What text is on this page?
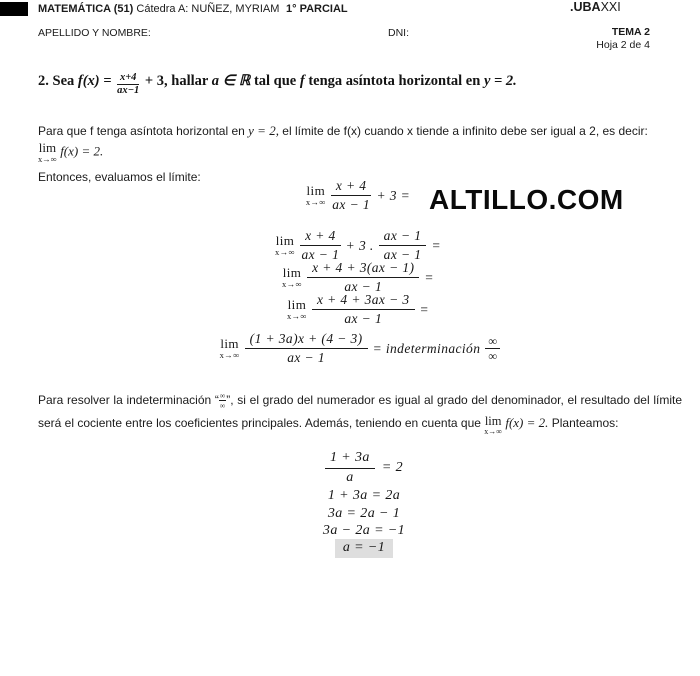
MATEMÁTICA (51) Cátedra A: NUÑEZ, MYRIAM 1° PARCIAL	.UBAXXI
APELLIDO Y NOMBRE:	DNI:	TEMA 2
Hoja 2 de 4
2. Sea $f(x) = \frac{x+4}{ax-1} + 3$, hallar a ∈ ℝ tal que f tenga asíntota horizontal en y = 2.
Para que f tenga asíntota horizontal en y = 2, el límite de f(x) cuando x tiende a infinito debe ser igual a 2, es decir:
lim
x→∞
f(x) = 2.
Entonces, evaluamos el límite:
ALTILLO.COM
lim
$x\to\infty \frac{x + 4}{ax - 1} + 3$ =
lim
$x\to\infty \frac{x + 4}{ax - 1} + 3$ . $\frac{ax - 1}{ax - 1}$ =
lim
$x\to\infty \frac{x + 4 + 3(ax - 1)}{ax - 1}$ =
lim
$x\to\infty \frac{x + 4 + 3ax - 3}{ax - 1}$ =
lim
$x\to\infty \frac{(1 + 3a)x + (4 - 3)}{ax - 1}$ = indeterminación $\frac{\infty}{\infty}$
Para resolver la indeterminación “ ∞
∞ ”, si el grado del numerador es igual al grado del denominador, el resultado del límite será el cociente entre los coeficientes principales. Además, teniendo en cuenta que lim
x→∞
f(x) = 2. Planteamos:
$\frac{1 + 3a}{a} = 2$
1 + 3a = 2a
3a = 2a − 1
3a − 2a = −1
a = −1
